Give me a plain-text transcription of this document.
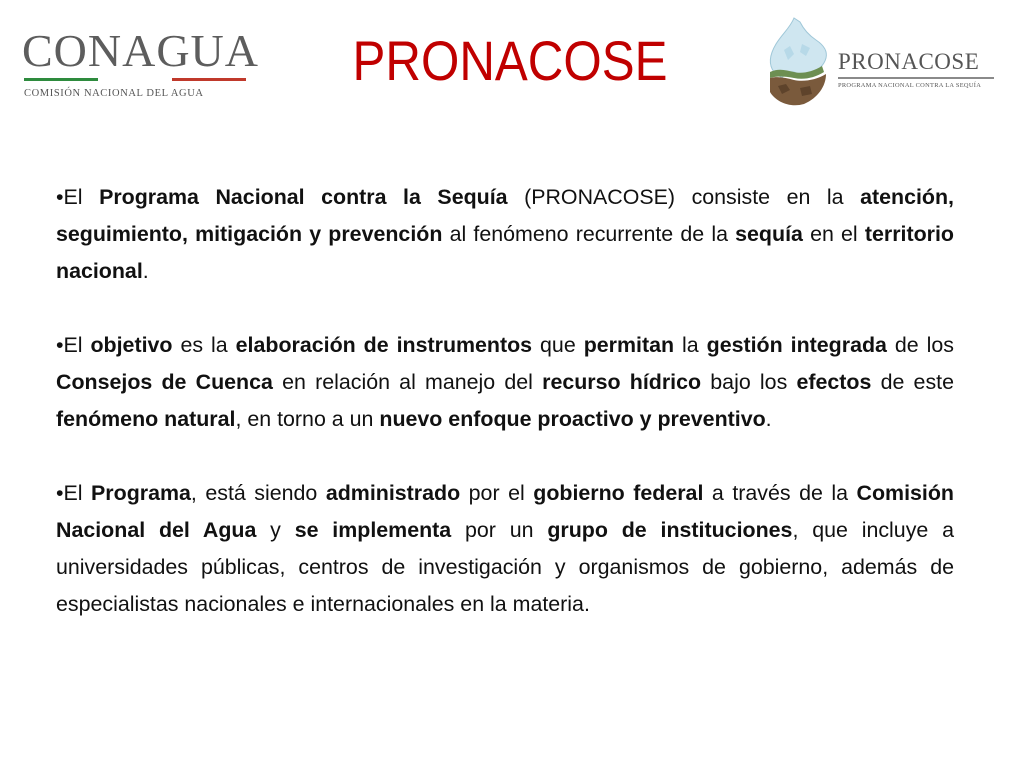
CONAGUA
COMISIÓN NACIONAL DEL AGUA
PRONACOSE	PRONACOSE
PROGRAMA NACIONAL CONTRA LA SEQUÍA

•El Programa Nacional contra la Sequía (PRONACOSE) consiste en la atención, seguimiento, mitigación y prevención al fenómeno recurrente de la sequía en el territorio nacional.

•El objetivo es la elaboración de instrumentos que permitan la gestión integrada de los Consejos de Cuenca en relación al manejo del recurso hídrico bajo los efectos de este fenómeno natural, en torno a un nuevo enfoque proactivo y preventivo.

•El Programa, está siendo administrado por el gobierno federal a través de la Comisión Nacional del Agua y se implementa por un grupo de instituciones, que incluye a universidades públicas, centros de investigación y organismos de gobierno, además de especialistas nacionales e internacionales en la materia.
